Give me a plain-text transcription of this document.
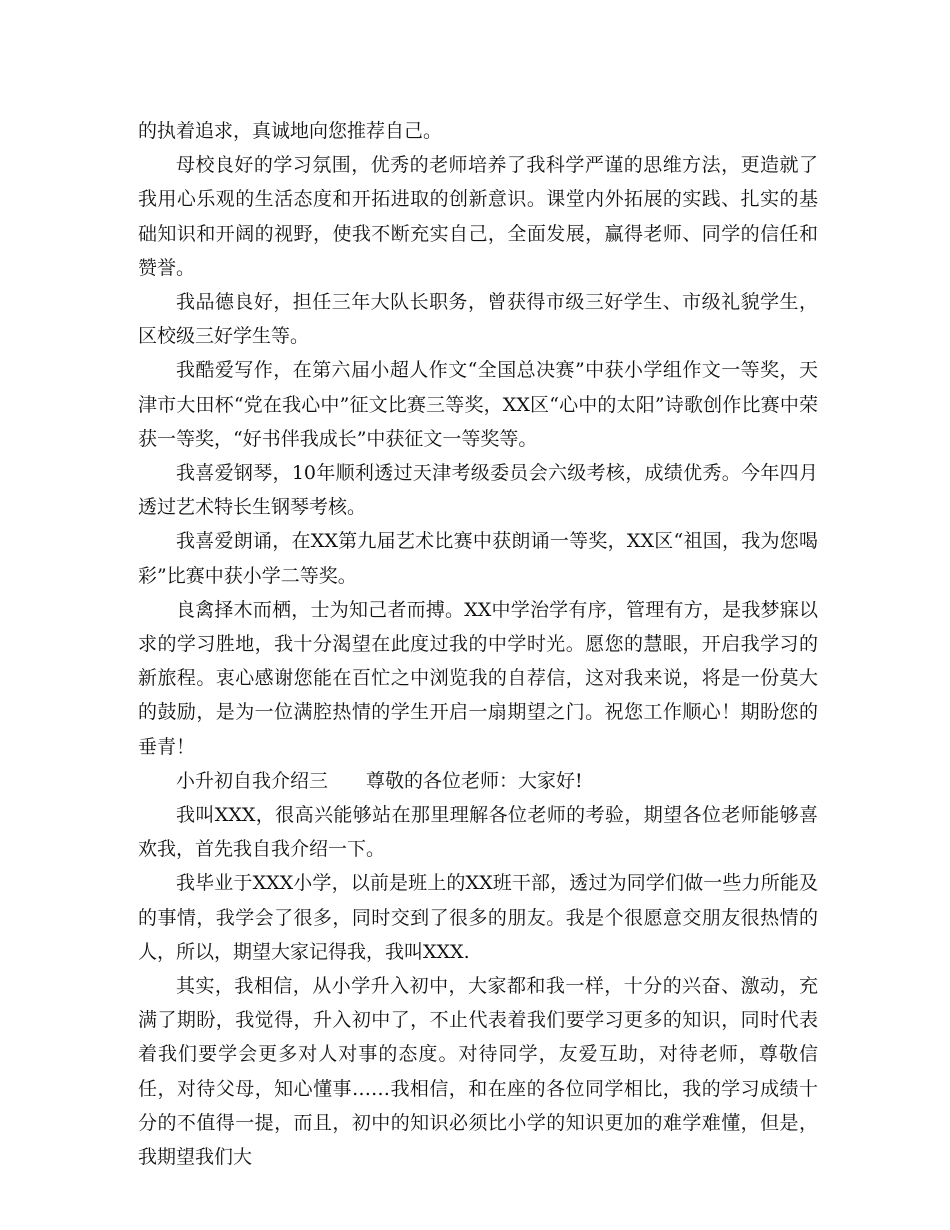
的执着追求，真诚地向您推荐自己。

母校良好的学习氛围，优秀的老师培养了我科学严谨的思维方法，更造就了我用心乐观的生活态度和开拓进取的创新意识。课堂内外拓展的实践、扎实的基础知识和开阔的视野，使我不断充实自己，全面发展，赢得老师、同学的信任和赞誉。

我品德良好，担任三年大队长职务，曾获得市级三好学生、市级礼貌学生，区校级三好学生等。

我酷爱写作，在第六届小超人作文“全国总决赛”中获小学组作文一等奖，天津市大田杯“党在我心中”征文比赛三等奖，XX区“心中的太阳”诗歌创作比赛中荣获一等奖，“好书伴我成长”中获征文一等奖等。

我喜爱钢琴，10年顺利透过天津考级委员会六级考核，成绩优秀。今年四月透过艺术特长生钢琴考核。

我喜爱朗诵，在XX第九届艺术比赛中获朗诵一等奖，XX区“祖国，我为您喝彩”比赛中获小学二等奖。

良禽择木而栖，士为知己者而搏。XX中学治学有序，管理有方，是我梦寐以求的学习胜地，我十分渴望在此度过我的中学时光。愿您的慧眼，开启我学习的新旅程。衷心感谢您能在百忙之中浏览我的自荐信，这对我来说，将是一份莫大的鼓励，是为一位满腔热情的学生开启一扇期望之门。祝您工作顺心！期盼您的垂青！

小升初自我介绍三 尊敬的各位老师：大家好!

我叫XXX，很高兴能够站在那里理解各位老师的考验，期望各位老师能够喜欢我，首先我自我介绍一下。

我毕业于XXX小学，以前是班上的XX班干部，透过为同学们做一些力所能及的事情，我学会了很多，同时交到了很多的朋友。我是个很愿意交朋友很热情的人，所以，期望大家记得我，我叫XXX.

其实，我相信，从小学升入初中，大家都和我一样，十分的兴奋、激动，充满了期盼，我觉得，升入初中了，不止代表着我们要学习更多的知识，同时代表着我们要学会更多对人对事的态度。对待同学，友爱互助，对待老师，尊敬信任，对待父母，知心懂事……我相信，和在座的各位同学相比，我的学习成绩十分的不值得一提，而且，初中的知识必须比小学的知识更加的难学难懂，但是，我期望我们大
